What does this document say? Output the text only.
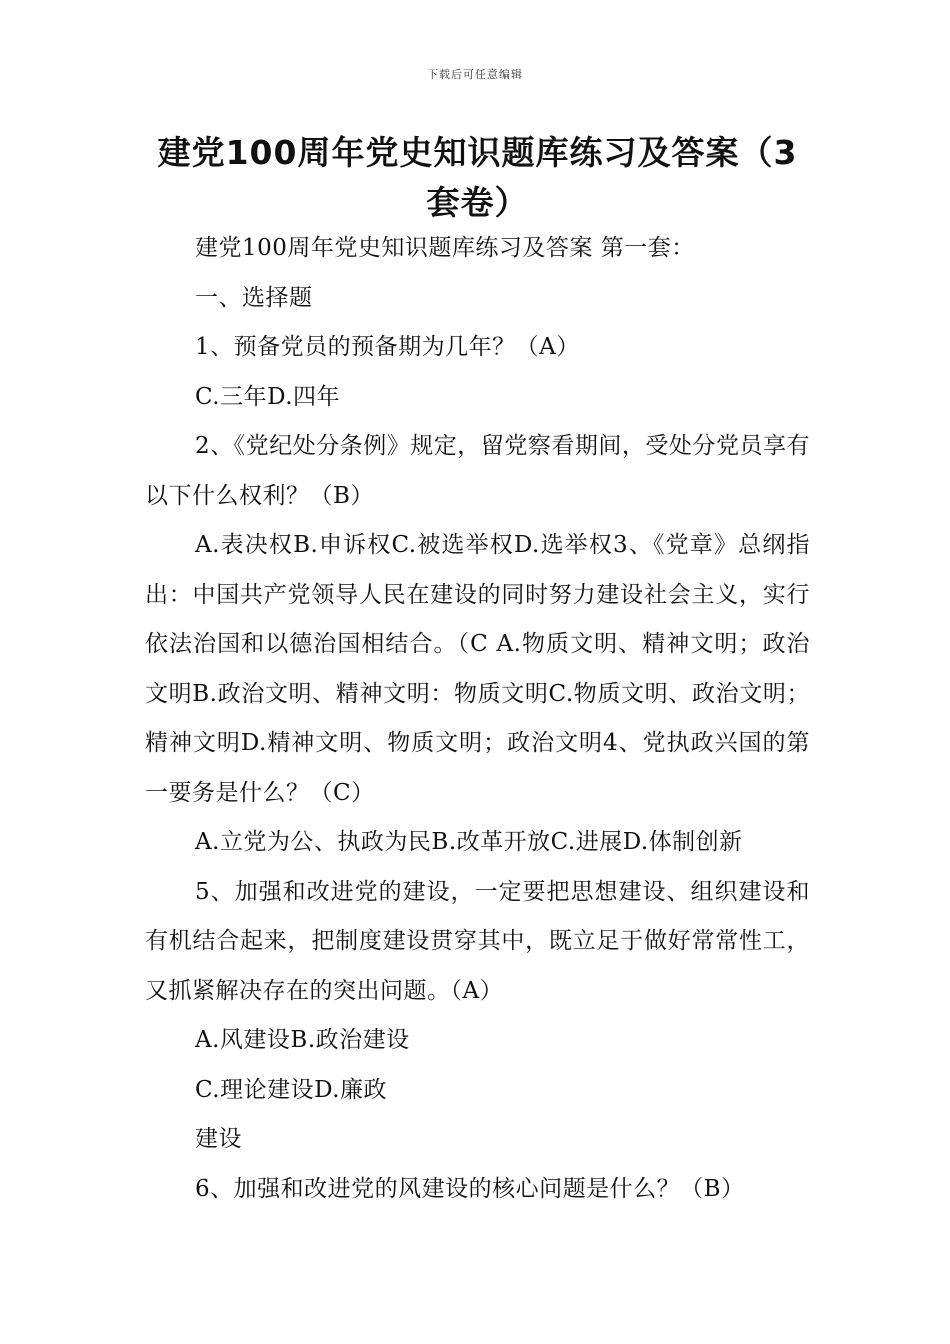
下载后可任意编辑
建党100周年党史知识题库练习及答案（3套卷）

建党100周年党史知识题库练习及答案 第一套：

一、选择题

1、预备党员的预备期为几年？（A）

C.三年D.四年

2、《党纪处分条例》规定，留党察看期间，受处分党员享有以下什么权利？（B）

A.表决权B.申诉权C.被选举权D.选举权3、《党章》总纲指出：中国共产党领导人民在建设的同时努力建设社会主义，实行依法治国和以德治国相结合。（C A.物质文明、精神文明；政治文明B.政治文明、精神文明：物质文明C.物质文明、政治文明；精神文明D.精神文明、物质文明；政治文明4、党执政兴国的第一要务是什么？（C）

A.立党为公、执政为民B.改革开放C.进展D.体制创新

5、加强和改进党的建设，一定要把思想建设、组织建设和有机结合起来，把制度建设贯穿其中，既立足于做好常常性工，又抓紧解决存在的突出问题。（A）

A.风建设B.政治建设

C.理论建设D.廉政

建设

6、加强和改进党的风建设的核心问题是什么？（B）
